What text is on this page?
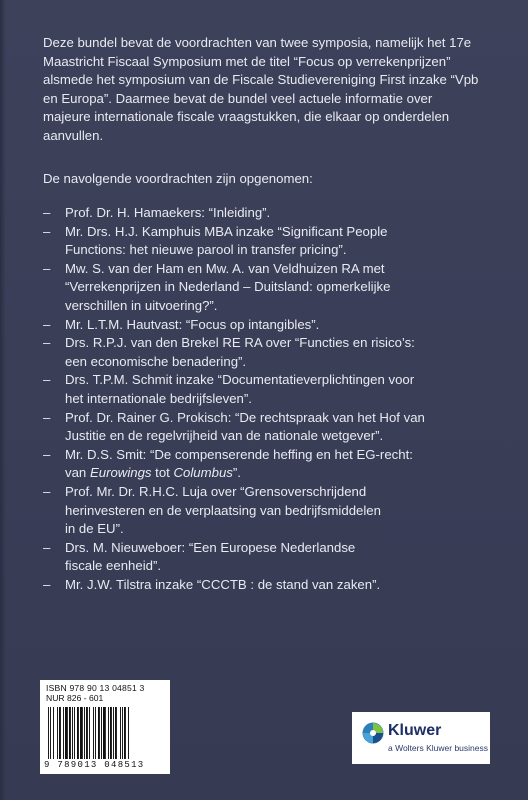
Deze bundel bevat de voordrachten van twee symposia, namelijk het 17e Maastricht Fiscaal Symposium met de titel “Focus op verrekenprijzen” alsmede het symposium van de Fiscale Studievereniging First inzake “Vpb en Europa”. Daarmee bevat de bundel veel actuele informatie over majeure internationale fiscale vraagstukken, die elkaar op onderdelen aanvullen.

De navolgende voordrachten zijn opgenomen:

– Prof. Dr. H. Hamaekers: “Inleiding”.
– Mr. Drs. H.J. Kamphuis MBA inzake “Significant People
Functions: het nieuwe parool in transfer pricing”.
– Mw. S. van der Ham en Mw. A. van Veldhuizen RA met
“Verrekenprijzen in Nederland – Duitsland: opmerkelijke
verschillen in uitvoering?”.
– Mr. L.T.M. Hautvast: “Focus op intangibles”.
– Drs. R.P.J. van den Brekel RE RA over “Functies en risico’s:
een economische benadering”.
– Drs. T.P.M. Schmit inzake “Documentatieverplichtingen voor
het internationale bedrijfsleven”.
– Prof. Dr. Rainer G. Prokisch: “De rechtspraak van het Hof van
Justitie en de regelvrijheid van de nationale wetgever”.
– Mr. D.S. Smit: “De compenserende heffing en het EG-recht:
van Eurowings tot Columbus”.
– Prof. Mr. Dr. R.H.C. Luja over “Grensoverschrijdend
herinvesteren en de verplaatsing van bedrijfsmiddelen
in de EU”.
– Drs. M. Nieuweboer: “Een Europese Nederlandse
fiscale eenheid”.
– Mr. J.W. Tilstra inzake “CCCTB : de stand van zaken”.
ISBN 978 90 13 04851 3
NUR 826 - 601
9 789013 048513
Kluwer
a Wolters Kluwer business
